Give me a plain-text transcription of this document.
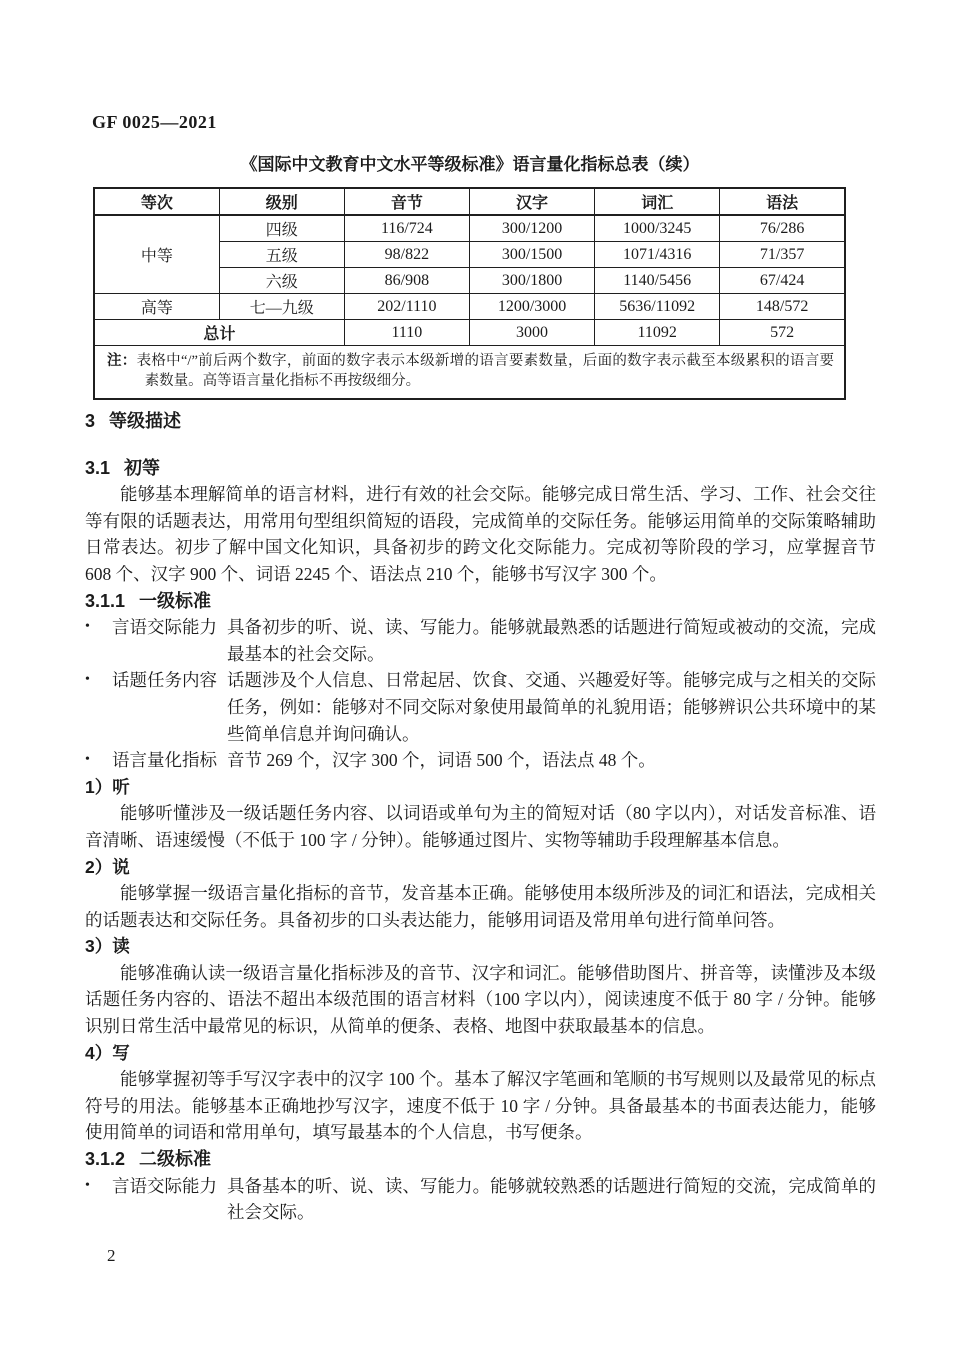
GF 0025—2021
《国际中文教育中文水平等级标准》语言量化指标总表（续）
等次	级别	音节	汉字	词汇	语法
中等	四级	116/724	300/1200	1000/3245	76/286
	五级	98/822	300/1500	1071/4316	71/357
	六级	86/908	300/1800	1140/5456	67/424
高等	七—九级	202/1110	1200/3000	5636/11092	148/572
总计		1110	3000	11092	572

注：表格中“/”前后两个数字，前面的数字表示本级新增的语言要素数量，后面的数字表示截至本级累积的语言要素数量。高等语言量化指标不再按级细分。					

3 等级描述
3.1 初等

能够基本理解简单的语言材料，进行有效的社会交际。能够完成日常生活、学习、工作、社会交往等有限的话题表达，用常用句型组织简短的语段，完成简单的交际任务。能够运用简单的交际策略辅助日常表达。初步了解中国文化知识，具备初步的跨文化交际能力。完成初等阶段的学习，应掌握音节 608 个、汉字 900 个、词语 2245 个、语法点 210 个，能够书写汉字 300 个。

3.1.1 一级标准
•	言语交际能力 具备初步的听、说、读、写能力。能够就最熟悉的话题进行简短或被动的交流，完成最基本的社会交际。
•	话题任务内容 话题涉及个人信息、日常起居、饮食、交通、兴趣爱好等。能够完成与之相关的交际任务，例如：能够对不同交际对象使用最简单的礼貌用语；能够辨识公共环境中的某些简单信息并询问确认。
•	语言量化指标 音节 269 个，汉字 300 个，词语 500 个，语法点 48 个。
1）听

能够听懂涉及一级话题任务内容、以词语或单句为主的简短对话（80 字以内），对话发音标准、语音清晰、语速缓慢（不低于 100 字 / 分钟）。能够通过图片、实物等辅助手段理解基本信息。

2）说

能够掌握一级语言量化指标的音节，发音基本正确。能够使用本级所涉及的词汇和语法，完成相关的话题表达和交际任务。具备初步的口头表达能力，能够用词语及常用单句进行简单问答。

3）读

能够准确认读一级语言量化指标涉及的音节、汉字和词汇。能够借助图片、拼音等，读懂涉及本级话题任务内容的、语法不超出本级范围的语言材料（100 字以内），阅读速度不低于 80 字 / 分钟。能够识别日常生活中最常见的标识，从简单的便条、表格、地图中获取最基本的信息。

4）写

能够掌握初等手写汉字表中的汉字 100 个。基本了解汉字笔画和笔顺的书写规则以及最常见的标点符号的用法。能够基本正确地抄写汉字，速度不低于 10 字 / 分钟。具备最基本的书面表达能力，能够使用简单的词语和常用单句，填写最基本的个人信息，书写便条。

3.1.2 二级标准
•	言语交际能力 具备基本的听、说、读、写能力。能够就较熟悉的话题进行简短的交流，完成简单的社会交际。
2
